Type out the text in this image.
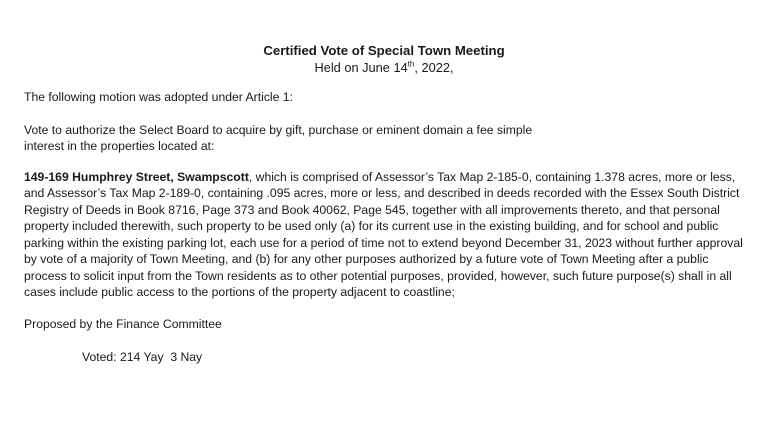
Certified Vote of Special Town Meeting
Held on June 14th, 2022,

The following motion was adopted under Article 1:

Vote to authorize the Select Board to acquire by gift, purchase or eminent domain a fee simple
interest in the properties located at:

149-169 Humphrey Street, Swampscott, which is comprised of Assessor’s Tax Map 2-185-0, containing 1.378 acres, more or less, and Assessor’s Tax Map 2-189-0, containing .095 acres, more or less, and described in deeds recorded with the Essex South District Registry of Deeds in Book 8716, Page 373 and Book 40062, Page 545, together with all improvements thereto, and that personal property included therewith, such property to be used only (a) for its current use in the existing building, and for school and public parking within the existing parking lot, each use for a period of time not to extend beyond December 31, 2023 without further approval by vote of a majority of Town Meeting, and (b) for any other purposes authorized by a future vote of Town Meeting after a public process to solicit input from the Town residents as to other potential purposes, provided, however, such future purpose(s) shall in all cases include public access to the portions of the property adjacent to coastline;

Proposed by the Finance Committee

Voted: 214 Yay  3 Nay
